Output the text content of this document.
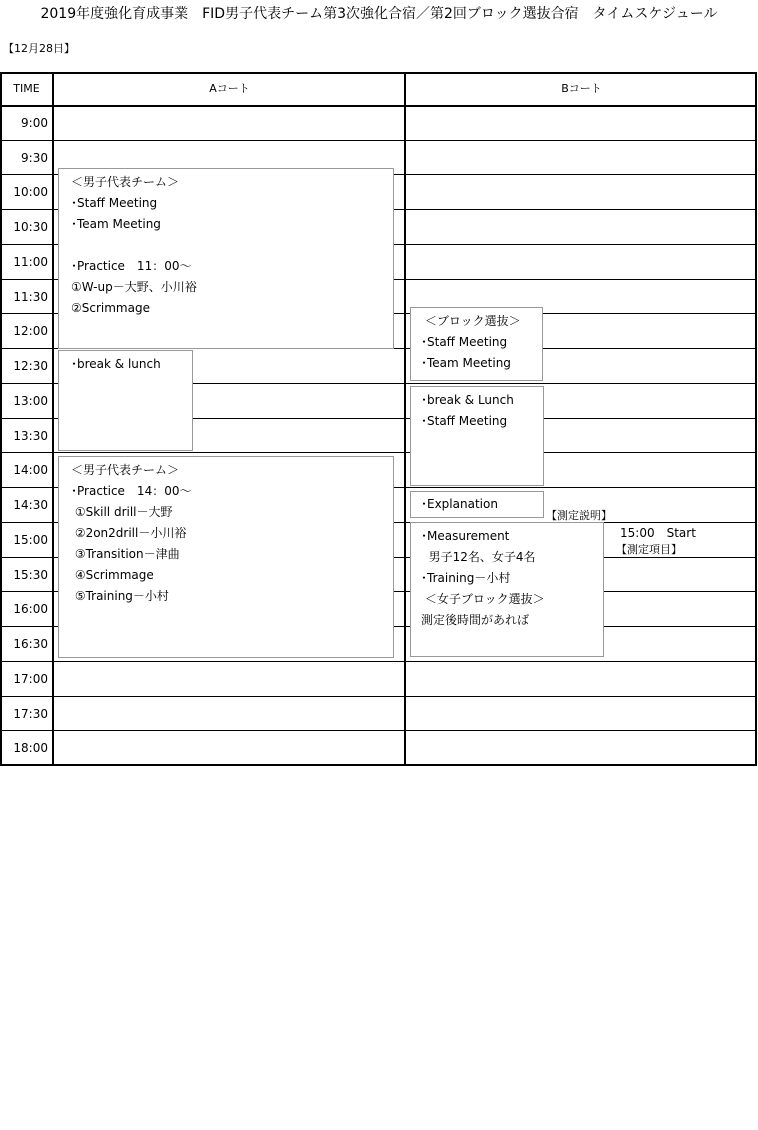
2019年度強化育成事業　FID男子代表チーム第3次強化合宿／第2回ブロック選抜合宿　タイムスケジュール
【12月28日】
TIME	Aコート	Bコート
9:00
9:30
10:00
10:30
11:00
11:30
12:00
12:30
13:00
13:30
14:00
14:30
15:00
15:30
16:00
16:30
17:00
17:30
18:00
＜男子代表チーム＞
･Staff Meeting
･Team Meeting
･Practice　11：00～
①W-up－大野、小川裕
②Scrimmage
･break & lunch
＜男子代表チーム＞
･Practice　14：00～
①Skill drill－大野
②2on2drill－小川裕
③Transition－津曲
④Scrimmage
⑤Training－小村
＜ブロック選抜＞
･Staff Meeting
･Team Meeting
･break & Lunch
･Staff Meeting
･Explanation
･Measurement
男子12名、女子4名
･Training－小村
＜女子ブロック選抜＞
測定後時間があれば
【測定説明】
15:00　Start
【測定項目】
